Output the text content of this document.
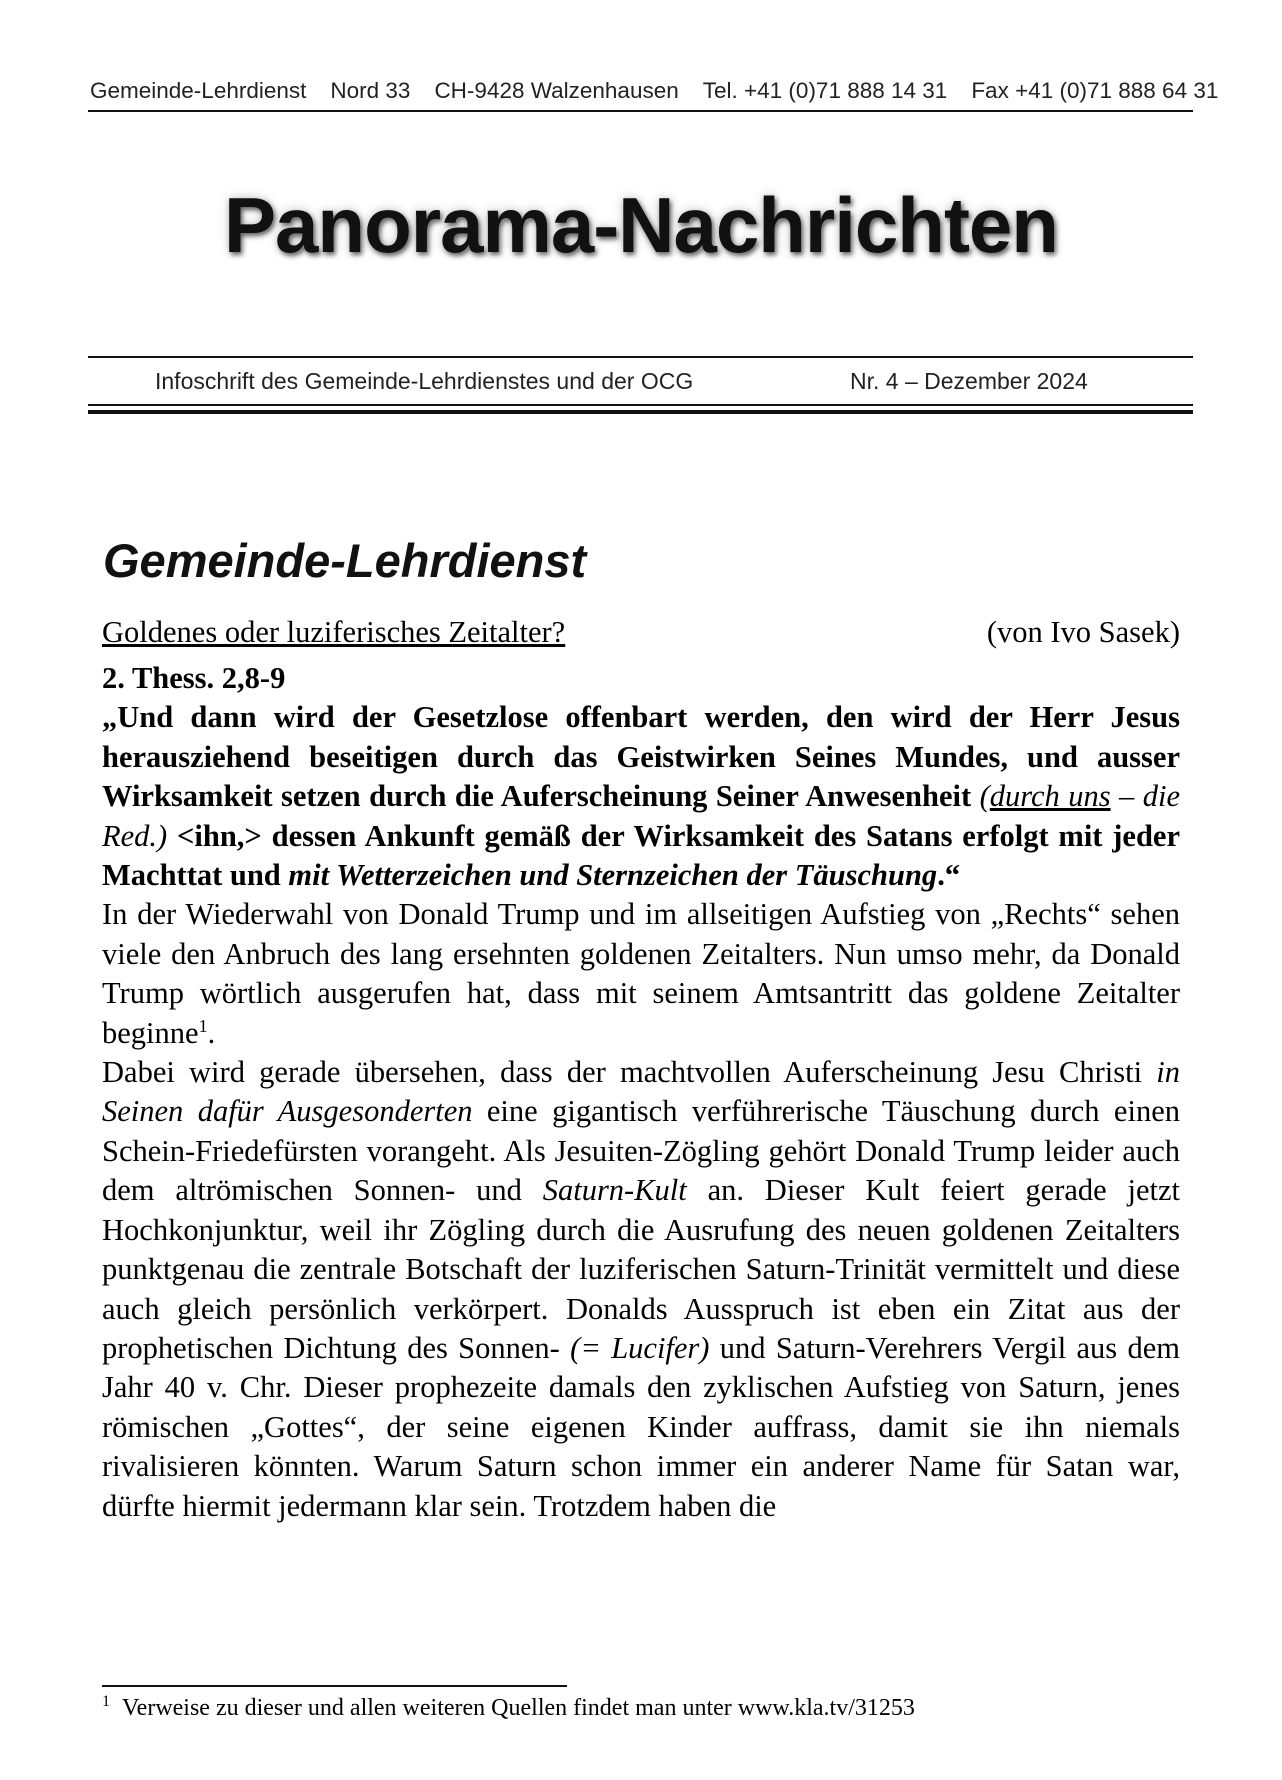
Gemeinde-Lehrdienst Nord 33 CH-9428 Walzenhausen Tel. +41 (0)71 888 14 31 Fax +41 (0)71 888 64 31
Panorama-Nachrichten
Infoschrift des Gemeinde-Lehrdienstes und der OCG	Nr. 4 – Dezember 2024
Gemeinde-Lehrdienst
Goldenes oder luziferisches Zeitalter?	(von Ivo Sasek)

2. Thess. 2,8-9

„Und dann wird der Gesetzlose offenbart werden, den wird der Herr Jesus herausziehend beseitigen durch das Geistwirken Seines Mundes, und ausser Wirksamkeit setzen durch die Auferscheinung Seiner Anwesenheit (durch uns – die Red.) <ihn,> dessen Ankunft gemäß der Wirksamkeit des Satans erfolgt mit jeder Machttat und mit Wetterzeichen und Sternzeichen der Täuschung.“

In der Wiederwahl von Donald Trump und im allseitigen Aufstieg von „Rechts“ sehen viele den Anbruch des lang ersehnten goldenen Zeitalters. Nun umso mehr, da Donald Trump wörtlich ausgerufen hat, dass mit seinem Amtsantritt das goldene Zeitalter beginne$^1$.

Dabei wird gerade übersehen, dass der machtvollen Auferscheinung Jesu Christi in Seinen dafür Ausgesonderten eine gigantisch verführerische Täuschung durch einen Schein-Friedefürsten vorangeht. Als Jesuiten-Zögling gehört Donald Trump leider auch dem altrömischen Sonnen- und Saturn-Kult an. Dieser Kult feiert gerade jetzt Hochkonjunktur, weil ihr Zögling durch die Ausrufung des neuen goldenen Zeitalters punktgenau die zentrale Botschaft der luziferischen Saturn-Trinität vermittelt und diese auch gleich persönlich verkörpert. Donalds Ausspruch ist eben ein Zitat aus der prophetischen Dichtung des Sonnen- (= Lucifer) und Saturn-Verehrers Vergil aus dem Jahr 40 v. Chr. Dieser prophezeite damals den zyklischen Aufstieg von Saturn, jenes römischen „Gottes“, der seine eigenen Kinder auffrass, damit sie ihn niemals rivalisieren könnten. Warum Saturn schon immer ein anderer Name für Satan war, dürfte hiermit jedermann klar sein. Trotzdem haben die

$^1$ Verweise zu dieser und allen weiteren Quellen findet man unter www.kla.tv/31253
